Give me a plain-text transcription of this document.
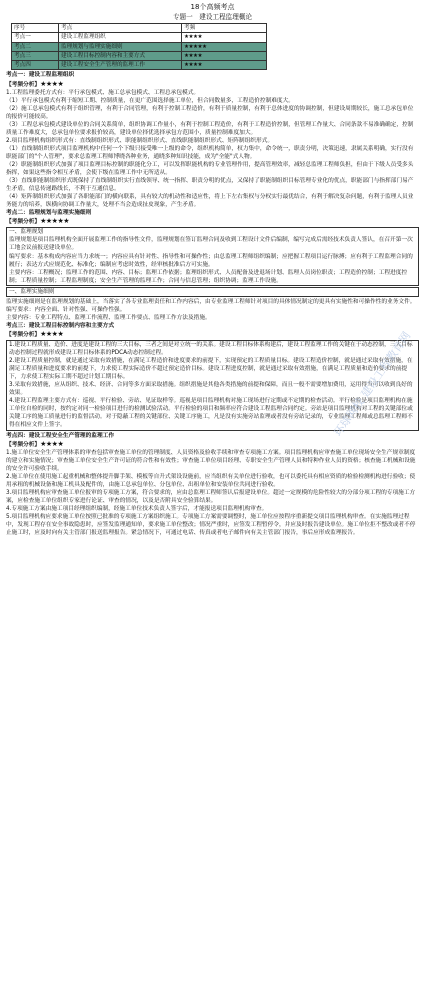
18个高频考点
专题一　建设工程监理概论
序号	考点	考频
考点一	建设工程监理组织	★★★★
考点二	监理规划与监理实施细则	★★★★★
考点三	建设工程目标控制内容和主要方式	★★★★
考点四	建设工程安全生产管理的监理工作	★★★★
考点一：建设工程监理组织
【考频分析】★★★★
1.工程监理委托方式有：平行承包模式、施工总承包模式、工程总承包模式。
（1）平行承包模式有利于缩短工期、控制质量，在更广范围选择施工单位，但合同数量多，工程造价控制难度大。
（2）施工总承包模式有利于组织管理，有利于合同管理，有利于控制工程造价，有利于质量控制，有利于总体进度的协调控制，但建设周期较长，施工总承包单位的报价可能较高。
（3）工程总承包模式建设单位的合同关系简单，组织协调工作量小，有利于控制工程造价，有利于工程造价控制，但管理工作量大、合同条款不易准确确定，控制质量工作难度大，总承包单位要求报价较高，建设单位择优选择承包方范围小，质量控制难度加大。
2.项目监理机构组织形式有：直线制组织形式、职能制组织形式、直线职能制组织形式、矩阵制组织形式。
（1）直线制组织形式项目监理机构中任何一个下级只接受唯一上级的命令，组织机构简单，权力集中，命令统一，职责分明，决策迅速，隶属关系明确，实行没有职能部门的"个人管理"，要求总监理工程师博晓各种业务，通晓多种知识技能，成为"全能"式人物。
（2）职能制组织形式加强了项目监理目标控制的职能化分工，可以发挥职能机构的专业管理作用，提高管理效率，减轻总监理工程师负担，但由于下级人员受多头指挥，如果这些指令相互矛盾，会使下级在监理工作中无所适从。
（3）直线职能制组织形式既保持了直线制组织实行直线领导、统一指挥、职责分明的优点，又保持了职能制组织目标管理专业化的优点，职能部门与指挥部门易产生矛盾，信息传递路线长，不利于互通信息。
（4）矩阵制组织形式加强了各职能部门的横向联系，具有较大的机动性和适应性，将上下左右集权与分权实行最优结合，有利于解决复杂问题，有利于监理人员业务能力的培养，纵横向协调工作量大，处理不当会造成扯皮现象，产生矛盾。
考点二：监理规划与监理实施细则
【考频分析】★★★★★
一、监理规划
监理规划是项目监理机构全面开展监理工作的指导性文件，监理规划在签订监理合同及收到工程设计文件后编制，编写完成后需经技术负责人签认，在召开第一次工地会议前报送建设单位。
编写要求：基本构成内容应当力求统一；内容应具有针对性、指导性和可操作性；由总监理工程师组织编制；应把握工程项目运行脉搏；应有利于工程监理合同的履行；表达方式应规范化、标准化；编制应考虑时效性，经审核批准后方可实施。
主要内容：工程概况；监理工作的范围、内容、目标；监理工作依据；监理组织形式、人员配备及进退场计划、监理人员岗位职责；工程造价控制；工程进度控制；工程质量控制；工程监理制度；安全生产管理的监理工作；合同与信息管理；组织协调；监理工作设施。
一、监理实施细则
监理实施细则是在监理规划的基础上，当落实了各专业监理责任和工作内容后，由专业监理工程师针对项目的具体情况制定的更具有实施性和可操作性的业务文件。
编写要求：内容全面、针对性强、可操作性强。
主要内容：专业工程特点、监理工作流程、监理工作要点、监理工作方法及措施。
考点三：建设工程目标控制内容和主要方式
【考频分析】★★★★
1.建设工程质量、造价、进度是建设工程的三大目标，三者之间是对立统一的关系。建设工程目标体系构建后，建设工程监理工作的关键在于动态控制，三大目标动态控制过程就形成建设工程目标体系的PDCA动态控制过程。
2.建设工程质量控制，就是通过采取有效措施，在满足工程造价和进度要求的前提下，实现预定的工程质量目标。建设工程造价控制，就是通过采取有效措施，在满足工程质量和进度要求的前提下，力求使工程实际造价不超过预定造价目标。建设工程进度控制，就是通过采取有效措施，在满足工程质量和造价要求的前提下，力求使工程实际工期不超过计划工期目标。
3.采取有效措施，应从组织、技术、经济、合同等多方面采取措施。组织措施是其他各类措施的前提和保障，而且一般不需要增加费用，运用得当可以收到良好的效果。
4.建设工程监理主要方式有：巡视、平行检验、旁站、见证取样等。巡视是项目监理机构对施工现场进行定期或不定期的检查活动。平行检验是项目监理机构在施工单位自检的同时，按约定对同一检验项目进行的检测试验活动。平行检验的项目和频率应符合建设工程监理合同约定。旁站是项目监理机构对工程的关键部位或关键工序的施工质量进行的监督活动。对于隐蔽工程的关键部位、关键工序施工，凡是没有实施旁站监理或者没有旁站记录的，专业监理工程师或总监理工程师不得在相应文件上签字。
考点四：建设工程安全生产管理的监理工作
【考频分析】★★★★
1.施工单位安全生产管理体系的审查包括审查施工单位的管理制度、人员资格及验收手续和审查专项施工方案。项目监理机构应审查施工单位现场安全生产规章制度的建立和实施情况；审查施工单位安全生产许可证的符合性和有效性；审查施工单位项目经理、专职安全生产管理人员和特种作业人员的资格；核查施工机械和设施的安全许可验收手续。
2.施工单位在使用施工起重机械和整体提升脚手架、模板等自升式架设设施前，应当组织有关单位进行验收，也可以委托具有相应资质的检验检测机构进行验收；使用承租的机械设备和施工机具及配件的，由施工总承包单位、分包单位、出租单位和安装单位共同进行验收。
3.项目监理机构应审查施工单位报审的专项施工方案，符合要求的，应由总监理工程师签认后报建设单位。超过一定规模的危险性较大的分部分项工程的专项施工方案，应检查施工单位组织专家进行论证、审查的情况，以及是否附具安全验算结果。
4.专项施工方案由施工项目经理组织编制，经施工单位技术负责人签字后，才能报送项目监理机构审查。
5.项目监理机构应要求施工单位按照已批准的专项施工方案组织施工。专项施工方案需要调整时，施工单位应按程序重新提交项目监理机构审查。在实施监理过程中，发现工程存在安全事故隐患时，应签发监理通知单，要求施工单位整改；情况严重时，应签发工程暂停令，并应及时报告建设单位。施工单位拒不整改或者不停止施工时，应及时向有关主管部门报送监理报告。紧急情况下，可通过电话、传真或者电子邮件向有关主管部门报告，事后应形成监理报告。
环球网校 建设工程教育网
